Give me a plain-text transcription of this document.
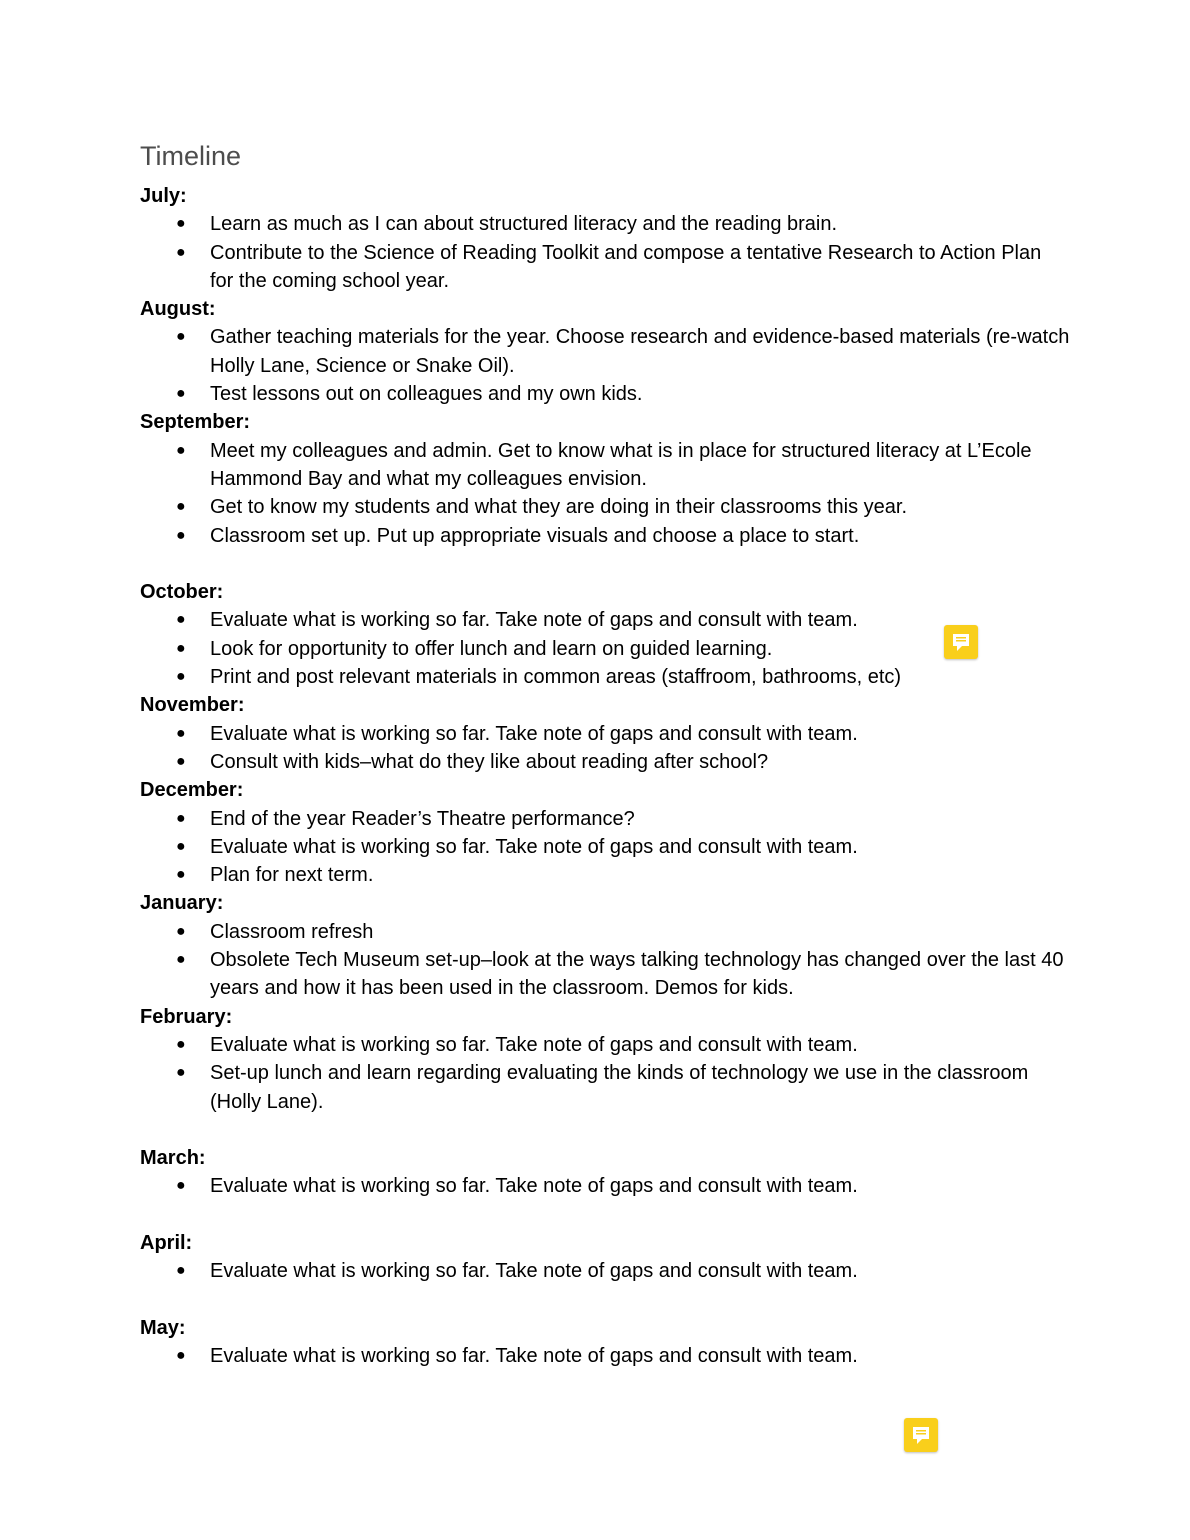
Timeline
July:
● Learn as much as I can about structured literacy and the reading brain.
● Contribute to the Science of Reading Toolkit and compose a tentative Research to Action Plan for the coming school year.
August:
● Gather teaching materials for the year. Choose research and evidence-based materials (re-watch Holly Lane, Science or Snake Oil).
● Test lessons out on colleagues and my own kids.
September:
● Meet my colleagues and admin. Get to know what is in place for structured literacy at L’Ecole Hammond Bay and what my colleagues envision.
● Get to know my students and what they are doing in their classrooms this year.
● Classroom set up. Put up appropriate visuals and choose a place to start.
October:
● Evaluate what is working so far. Take note of gaps and consult with team.
● Look for opportunity to offer lunch and learn on guided learning.
● Print and post relevant materials in common areas (staffroom, bathrooms, etc)
November:
● Evaluate what is working so far. Take note of gaps and consult with team.
● Consult with kids–what do they like about reading after school?
December:
● End of the year Reader’s Theatre performance?
● Evaluate what is working so far. Take note of gaps and consult with team.
● Plan for next term.
January:
● Classroom refresh
● Obsolete Tech Museum set-up–look at the ways talking technology has changed over the last 40 years and how it has been used in the classroom. Demos for kids.
February:
● Evaluate what is working so far. Take note of gaps and consult with team.
● Set-up lunch and learn regarding evaluating the kinds of technology we use in the classroom (Holly Lane).
March:
● Evaluate what is working so far. Take note of gaps and consult with team.
April:
● Evaluate what is working so far. Take note of gaps and consult with team.
May:
● Evaluate what is working so far. Take note of gaps and consult with team.
